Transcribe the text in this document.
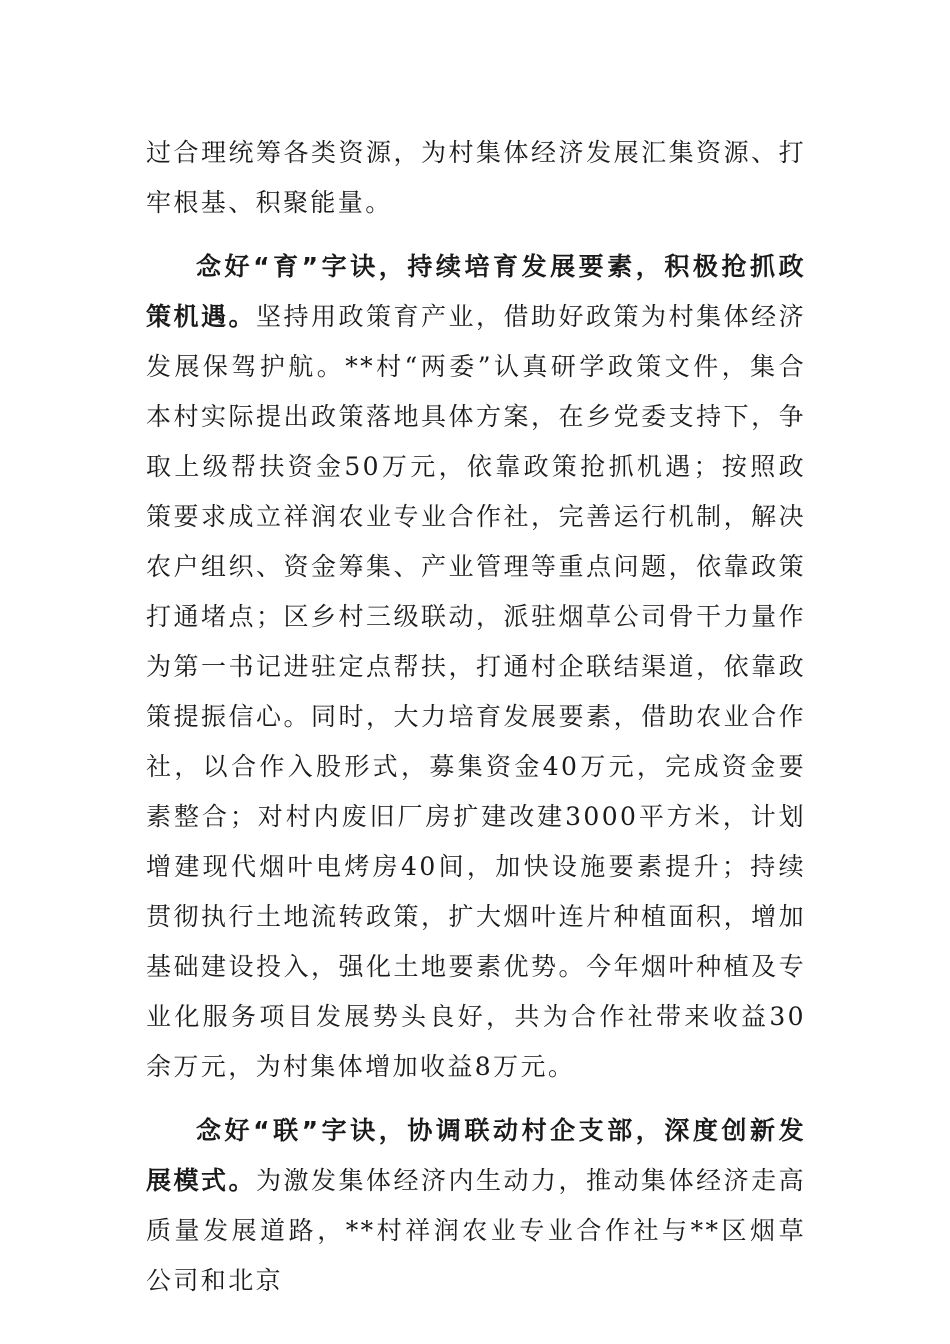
过合理统筹各类资源，为村集体经济发展汇集资源、打牢根基、积聚能量。

念好“育”字诀，持续培育发展要素，积极抢抓政策机遇。坚持用政策育产业，借助好政策为村集体经济发展保驾护航。**村“两委”认真研学政策文件，集合本村实际提出政策落地具体方案，在乡党委支持下，争取上级帮扶资金50万元，依靠政策抢抓机遇；按照政策要求成立祥润农业专业合作社，完善运行机制，解决农户组织、资金筹集、产业管理等重点问题，依靠政策打通堵点；区乡村三级联动，派驻烟草公司骨干力量作为第一书记进驻定点帮扶，打通村企联结渠道，依靠政策提振信心。同时，大力培育发展要素，借助农业合作社，以合作入股形式，募集资金40万元，完成资金要素整合；对村内废旧厂房扩建改建3000平方米，计划增建现代烟叶电烤房40间，加快设施要素提升；持续贯彻执行土地流转政策，扩大烟叶连片种植面积，增加基础建设投入，强化土地要素优势。今年烟叶种植及专业化服务项目发展势头良好，共为合作社带来收益30余万元，为村集体增加收益8万元。

念好“联”字诀，协调联动村企支部，深度创新发展模式。为激发集体经济内生动力，推动集体经济走高质量发展道路，**村祥润农业专业合作社与**区烟草公司和北京
